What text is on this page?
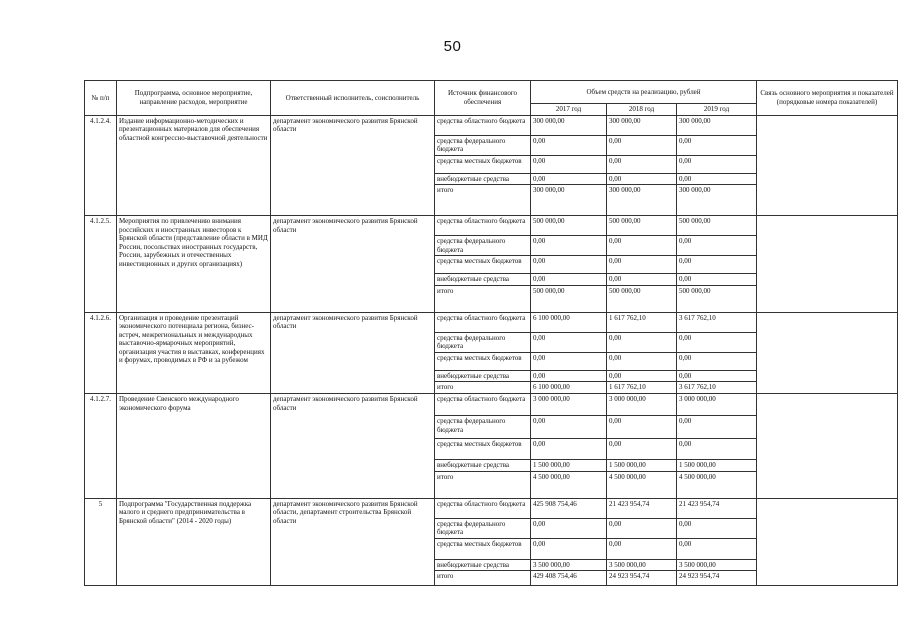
50
№ п/п	Подпрограмма, основное мероприятие, направление расходов, мероприятие	Ответственный исполнитель, соисполнитель	Источник финансового обеспечения	Объем средств на реализацию, рублей			Связь основного мероприятия и показателей (порядковые номера показателей)
				2017 год	2018 год	2019 год	
4.1.2.4.	Издание информационно-методических и презентационных материалов для обеспечения областной конгрессно-выставочной деятельности	департамент экономического развития Брянской области	средства областного бюджета	300 000,00	300 000,00	300 000,00	
			средства федерального бюджета	0,00	0,00	0,00	
			средства местных бюджетов	0,00	0,00	0,00	
			внебюджетные средства	0,00	0,00	0,00	
			итого	300 000,00	300 000,00	300 000,00	
4.1.2.5.	Мероприятия по привлечению внимания российских и иностранных инвесторов к Брянской области (представление области в МИД России, посольствах иностранных государств, России, зарубежных и отечественных инвестиционных и других организациях)	департамент экономического развития Брянской области	средства областного бюджета	500 000,00	500 000,00	500 000,00	
			средства федерального бюджета	0,00	0,00	0,00	
			средства местных бюджетов	0,00	0,00	0,00	
			внебюджетные средства	0,00	0,00	0,00	
			итого	500 000,00	500 000,00	500 000,00	
4.1.2.6.	Организация и проведение презентаций экономического потенциала региона, бизнес-встреч, межрегиональных и международных выставочно-ярмарочных мероприятий, организация участия в выставках, конференциях и форумах, проводимых в РФ и за рубежом	департамент экономического развития Брянской области	средства областного бюджета	6 100 000,00	1 617 762,10	3 617 762,10	
			средства федерального бюджета	0,00	0,00	0,00	
			средства местных бюджетов	0,00	0,00	0,00	
			внебюджетные средства	0,00	0,00	0,00	
			итого	6 100 000,00	1 617 762,10	3 617 762,10	
4.1.2.7.	Проведение Свенского международного экономического форума	департамент экономического развития Брянской области	средства областного бюджета	3 000 000,00	3 000 000,00	3 000 000,00	
			средства федерального бюджета	0,00	0,00	0,00	
			средства местных бюджетов	0,00	0,00	0,00	
			внебюджетные средства	1 500 000,00	1 500 000,00	1 500 000,00	
			итого	4 500 000,00	4 500 000,00	4 500 000,00	
5	Подпрограмма "Государственная поддержка малого и среднего предпринимательства в Брянской области" (2014 - 2020 годы)	департамент экономического развития Брянской области, департамент строительства Брянской области	средства областного бюджета	425 908 754,46	21 423 954,74	21 423 954,74	
			средства федерального бюджета	0,00	0,00	0,00	
			средства местных бюджетов	0,00	0,00	0,00	
			внебюджетные средства	3 500 000,00	3 500 000,00	3 500 000,00	
			итого	429 408 754,46	24 923 954,74	24 923 954,74	
